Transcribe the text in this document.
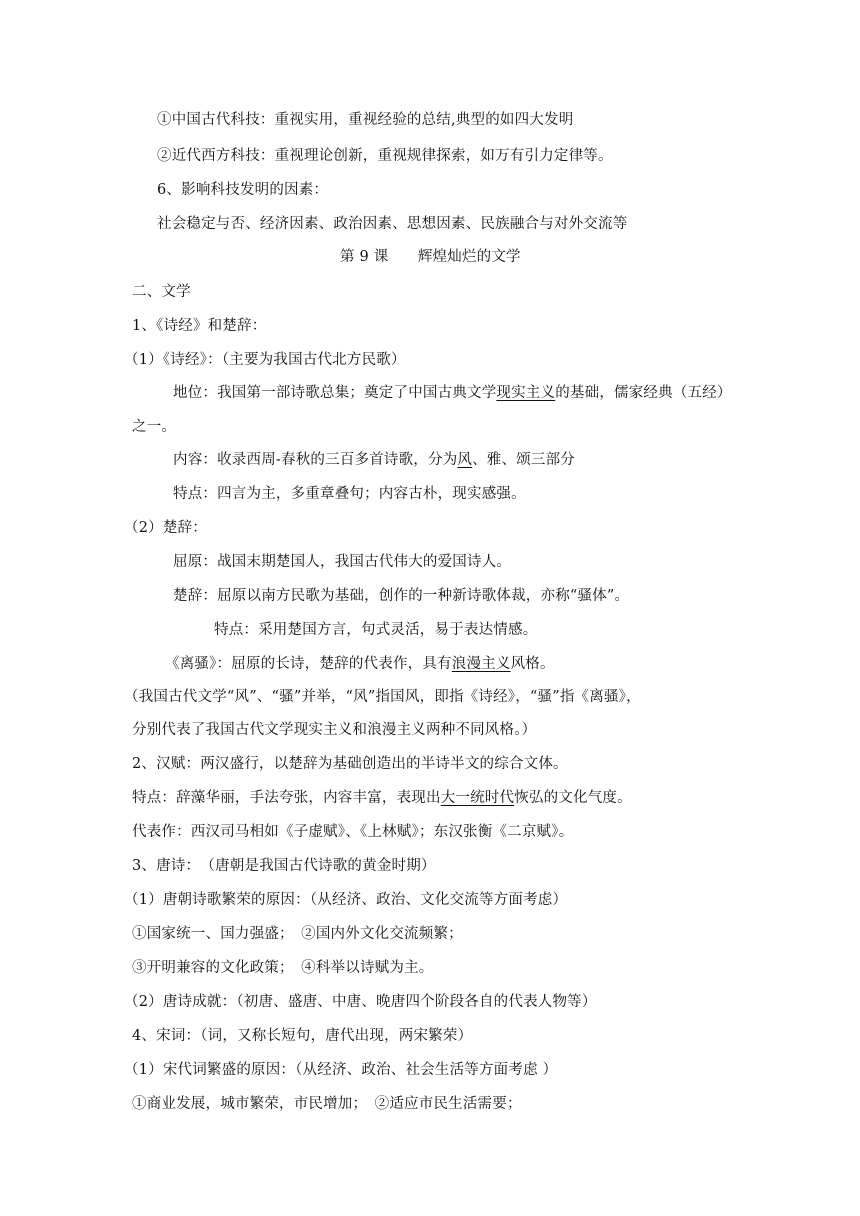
①中国古代科技：重视实用，重视经验的总结,典型的如四大发明
②近代西方科技：重视理论创新，重视规律探索，如万有引力定律等。
6、影响科技发明的因素：
社会稳定与否、经济因素、政治因素、思想因素、民族融合与对外交流等
第 9 课　　辉煌灿烂的文学
二、文学
1、《诗经》和楚辞：
（1）《诗经》：（主要为我国古代北方民歌）
地位：我国第一部诗歌总集；奠定了中国古典文学现实主义的基础，儒家经典（五经）
之一。
内容：收录西周-春秋的三百多首诗歌，分为风、雅、颂三部分
特点：四言为主，多重章叠句；内容古朴，现实感强。
（2）楚辞：
屈原：战国末期楚国人，我国古代伟大的爱国诗人。
楚辞：屈原以南方民歌为基础，创作的一种新诗歌体裁，亦称“骚体”。
特点：采用楚国方言，句式灵活，易于表达情感。
《离骚》：屈原的长诗，楚辞的代表作，具有浪漫主义风格。
（我国古代文学“风”、“骚”并举，“风”指国风，即指《诗经》，“骚”指《离骚》，
分别代表了我国古代文学现实主义和浪漫主义两种不同风格。）
2、汉赋：两汉盛行，以楚辞为基础创造出的半诗半文的综合文体。
特点：辞藻华丽，手法夸张，内容丰富，表现出大一统时代恢弘的文化气度。
代表作：西汉司马相如《子虚赋》、《上林赋》；东汉张衡《二京赋》。
3、唐诗：　（唐朝是我国古代诗歌的黄金时期）
（1）唐朝诗歌繁荣的原因：（从经济、政治、文化交流等方面考虑）
①国家统一、国力强盛；　②国内外文化交流频繁；
③开明兼容的文化政策；　④科举以诗赋为主。
（2）唐诗成就：（初唐、盛唐、中唐、晚唐四个阶段各自的代表人物等）
4、宋词：（词，又称长短句，唐代出现，两宋繁荣）
（1）宋代词繁盛的原因：（从经济、政治、社会生活等方面考虑 ）
①商业发展，城市繁荣，市民增加；　②适应市民生活需要；
